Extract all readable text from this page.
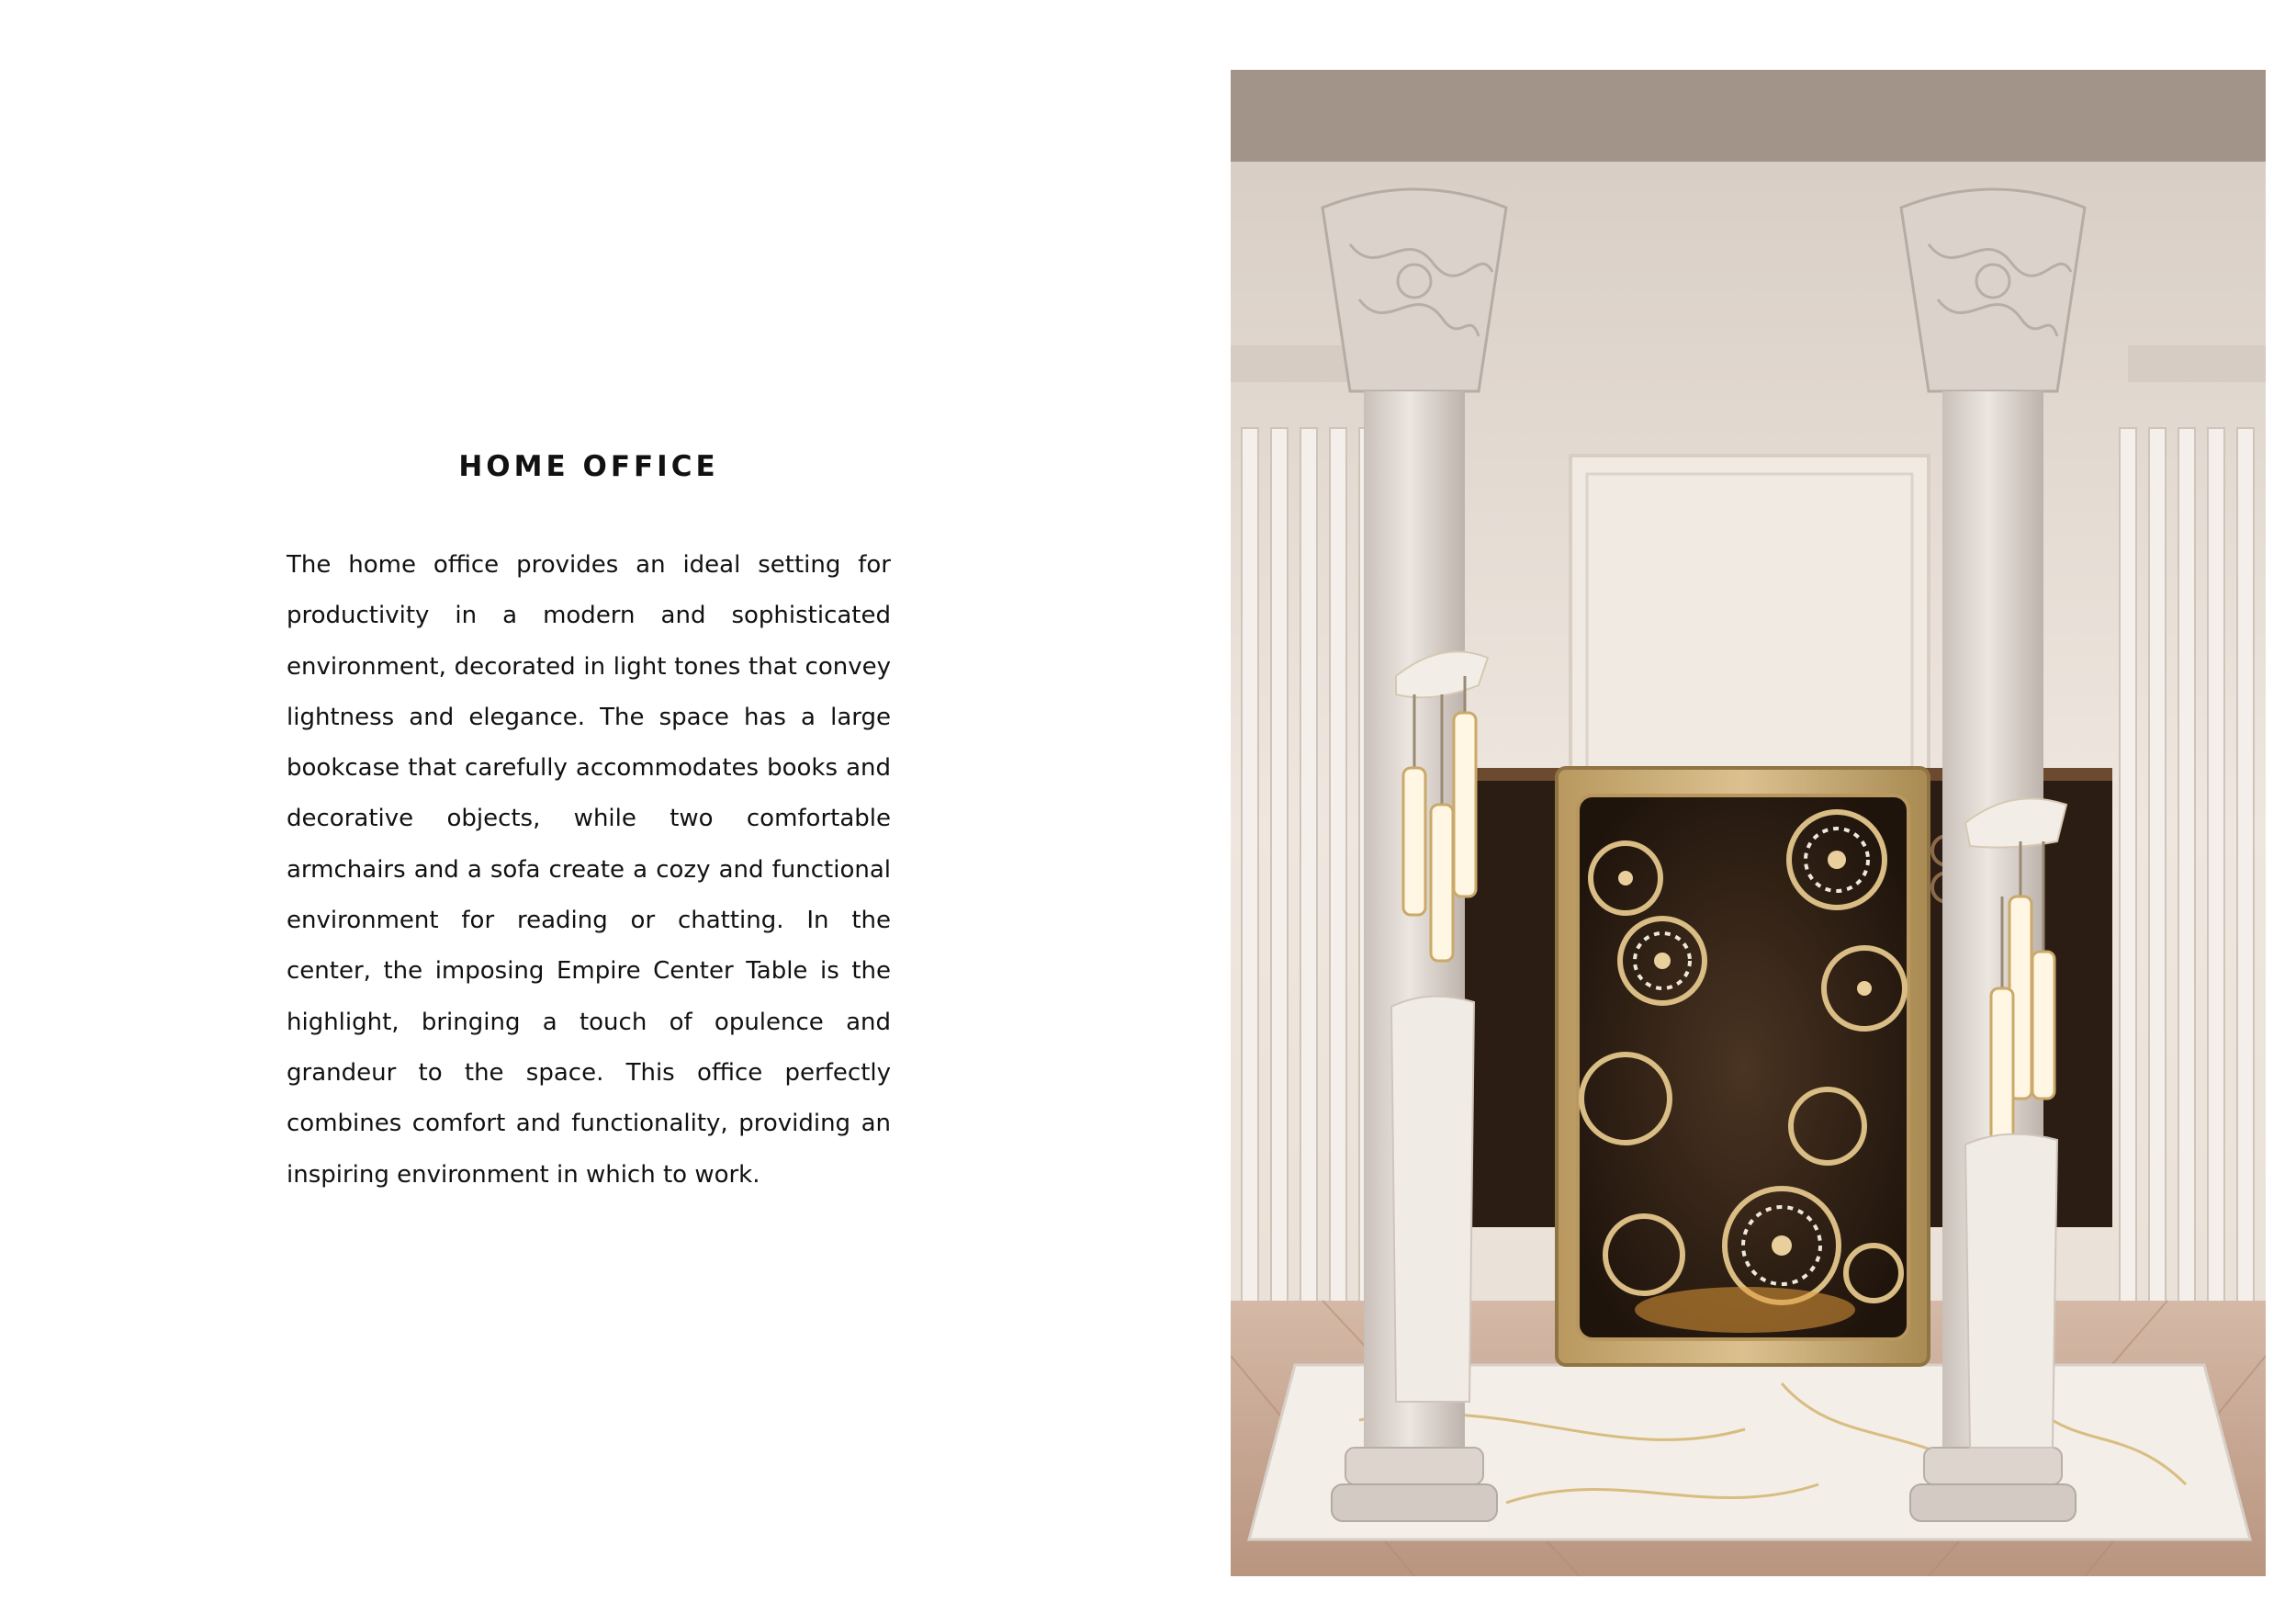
HOME OFFICE

The home office provides an ideal setting for productivity in a modern and sophisticated environment, decorated in light tones that convey lightness and elegance. The space has a large bookcase that carefully accommodates books and decorative objects, while two comfortable armchairs and a sofa create a cozy and functional environment for reading or chatting. In the center, the imposing Empire Center Table is the highlight, bringing a touch of opulence and grandeur to the space. This office perfectly combines comfort and functionality, providing an inspiring environment in which to work.
